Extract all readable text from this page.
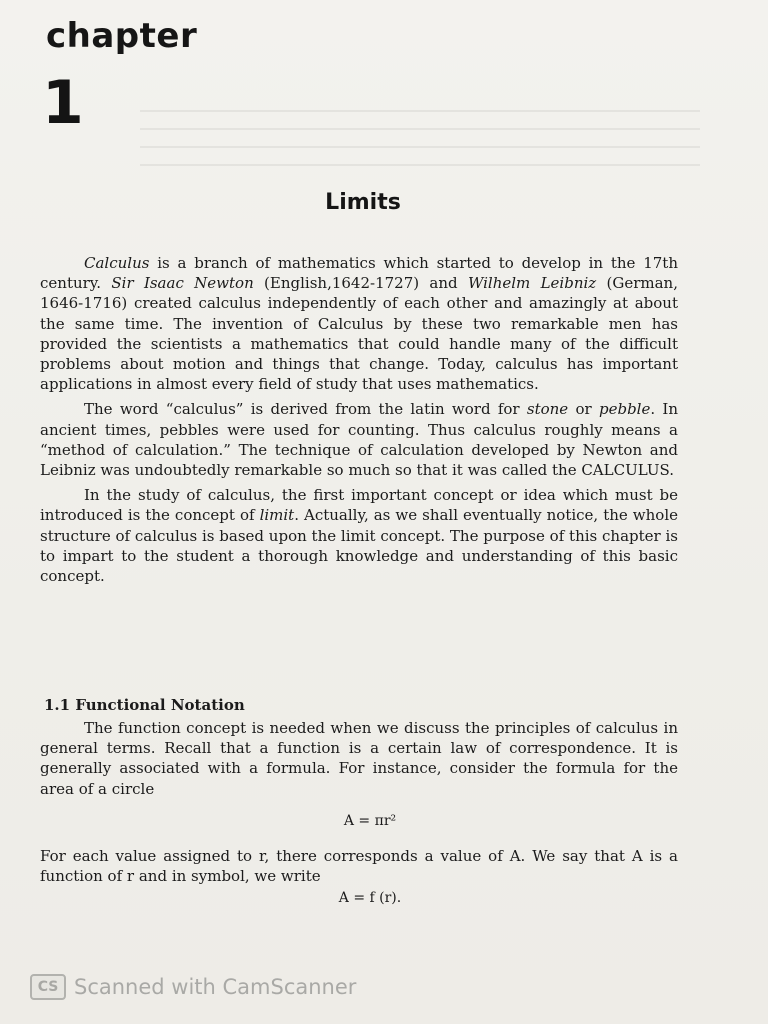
chapter
1
Limits

Calculus is a branch of mathematics which started to develop in the 17th century. Sir Isaac Newton (English,1642-1727) and Wilhelm Leibniz (German, 1646-1716) created calculus independently of each other and amazingly at about the same time. The invention of Calculus by these two remarkable men has provided the scientists a mathematics that could handle many of the difficult problems about motion and things that change. Today, calculus has important applications in almost every field of study that uses mathematics.

The word “calculus” is derived from the latin word for stone or pebble. In ancient times, pebbles were used for counting. Thus calculus roughly means a “method of calculation.” The technique of calculation developed by Newton and Leibniz was undoubtedly remarkable so much so that it was called the CALCULUS.

In the study of calculus, the first important concept or idea which must be introduced is the concept of limit. Actually, as we shall eventually notice, the whole structure of calculus is based upon the limit concept. The purpose of this chapter is to impart to the student a thorough knowledge and understanding of this basic concept.

1.1 Functional Notation

The function concept is needed when we discuss the principles of calculus in general terms. Recall that a function is a certain law of correspondence. It is generally associated with a formula. For instance, consider the formula for the area of a circle

A = πr²

For each value assigned to r, there corresponds a value of A. We say that A is a function of r and in symbol, we write

A = f (r).
CS Scanned with CamScanner
